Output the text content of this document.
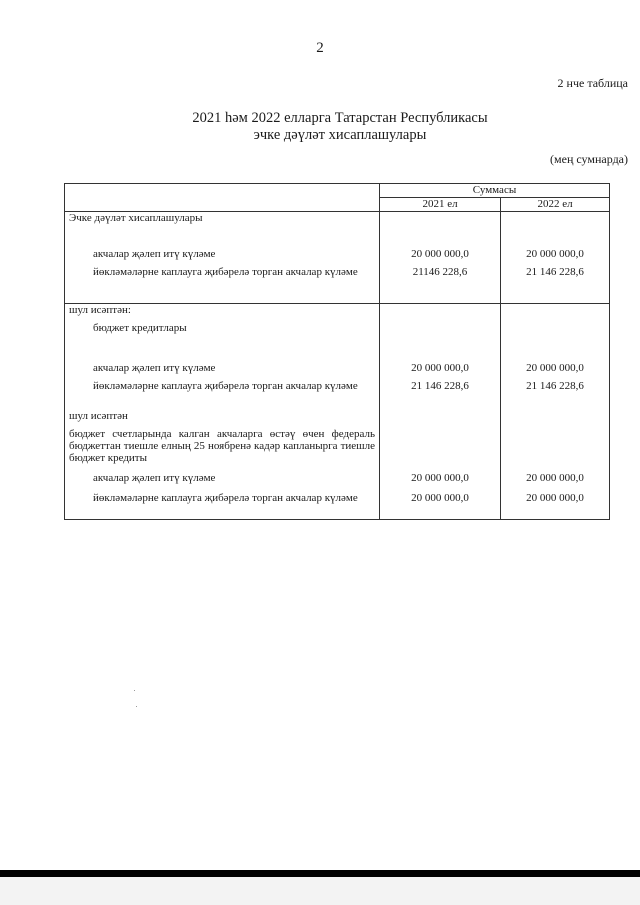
2
2 нче таблица
2021 һәм 2022 елларга Татарстан Республикасы
эчке дәүләт хисаплашулары
(мең сумнарда)
	Суммасы	
	2021 ел	2022 ел
Эчке дәүләт хисаплашулары		
акчалар җәлеп итү күләме	20 000 000,0	20 000 000,0
йөкләмәләрне каплауга җибәрелә торган акчалар күләме	21146 228,6	21 146 228,6
шул исәптән:		
бюджет кредитлары		
акчалар җәлеп итү күләме	20 000 000,0	20 000 000,0
йөкләмәләрне каплауга җибәрелә торган акчалар күләме	21 146 228,6	21 146 228,6
шул исәптән		
бюджет счетларында калган акчаларга өстәү өчен федераль бюджеттан тиешле елның 25 ноябренә кадәр капланырга тиешле бюджет кредиты		
акчалар җәлеп итү күләме	20 000 000,0	20 000 000,0
йөкләмәләрне каплауга җибәрелә торган акчалар күләме	20 000 000,0	20 000 000,0
